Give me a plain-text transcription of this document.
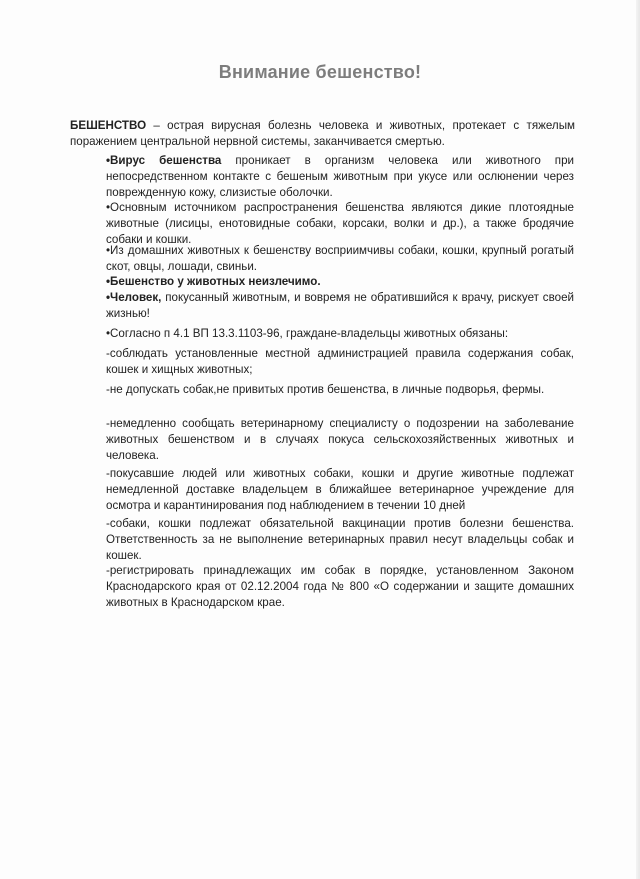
Внимание бешенство!
БЕШЕНСТВО – острая вирусная болезнь человека и животных, протекает с тяжелым поражением центральной нервной системы, заканчивается смертью.
•Вирус бешенства проникает в организм человека или животного при непосредственном контакте с бешеным животным при укусе или ослюнении через поврежденную кожу, слизистые оболочки.
•Основным источником распространения бешенства являются дикие плотоядные животные (лисицы, енотовидные собаки, корсаки, волки и др.), а также бродячие собаки и кошки.
•Из домашних животных к бешенству восприимчивы собаки, кошки, крупный рогатый скот, овцы, лошади, свиньи.
•Бешенство у животных неизлечимо.
•Человек, покусанный животным, и вовремя не обратившийся к врачу, рискует своей жизнью!
•Согласно п 4.1 ВП 13.3.1103-96, граждане-владельцы животных обязаны:
-соблюдать установленные местной администрацией правила содержания собак, кошек и хищных животных;
-не допускать собак,не привитых против бешенства, в личные подворья, фермы.
-немедленно сообщать ветеринарному специалисту о подозрении на заболевание животных бешенством и в случаях покуса сельскохозяйственных животных и человека.
-покусавшие людей или животных собаки, кошки и другие животные подлежат немедленной доставке владельцем в ближайшее ветеринарное учреждение для осмотра и карантинирования под наблюдением в течении 10 дней
-собаки, кошки подлежат обязательной вакцинации против болезни бешенства. Ответственность за не выполнение ветеринарных правил несут владельцы собак и кошек.
-регистрировать принадлежащих им собак в порядке, установленном Законом Краснодарского края от 02.12.2004 года № 800 «О содержании и защите домашних животных в Краснодарском крае.
